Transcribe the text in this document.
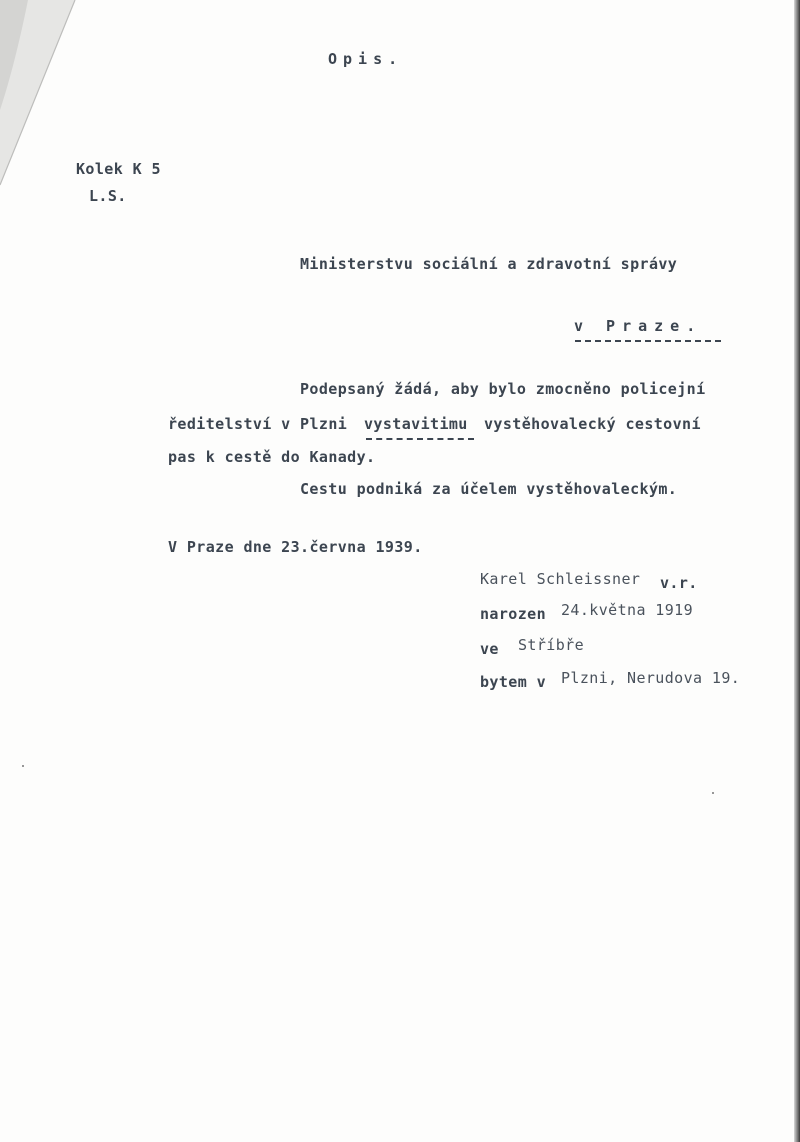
Opis.
Kolek K 5
L.S.
Ministerstvu sociální a zdravotní správy
v Praze.
Podepsaný žádá, aby bylo zmocněno policejní
ředitelství v Plzni vystavitimu vystěhovalecký cestovní
pas k cestě do Kanady.
Cestu podniká za účelem vystěhovaleckým.
V Praze dne 23.června 1939.
Karel Schleissner v.r.
narozen 24.května 1919
ve Stříbře
bytem v Plzni, Nerudova 19.
